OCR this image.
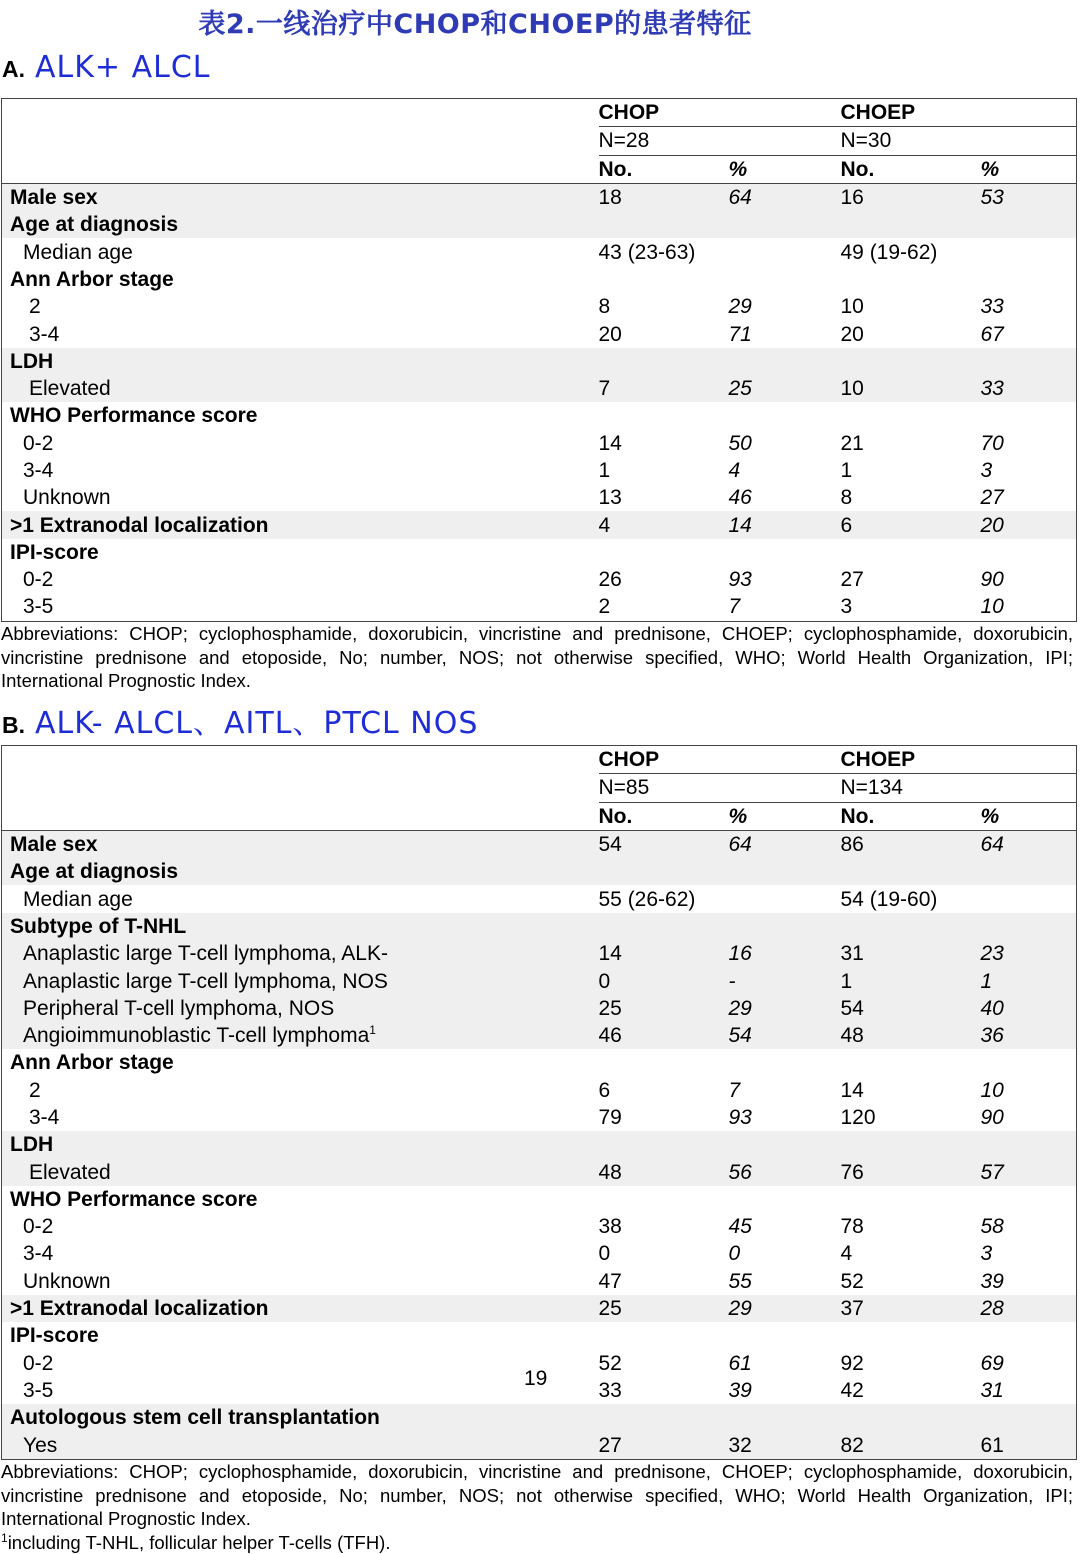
表2.一线治疗中CHOP和CHOEP的患者特征
A. ALK+ ALCL
	CHOP		CHOEP	
	N=28		N=30	
	No.	%	No.	%
Male sex	18	64	16	53
Age at diagnosis				
Median age	43 (23-63)		49 (19-62)	
Ann Arbor stage				
2	8	29	10	33
3-4	20	71	20	67
LDH				
Elevated	7	25	10	33
WHO Performance score				
0-2	14	50	21	70
3-4	1	4	1	3
Unknown	13	46	8	27
>1 Extranodal localization	4	14	6	20
IPI-score				
0-2	26	93	27	90
3-5	2	7	3	10

Abbreviations: CHOP; cyclophosphamide, doxorubicin, vincristine and prednisone, CHOEP; cyclophosphamide, doxorubicin, vincristine prednisone and etoposide, No; number, NOS; not otherwise specified, WHO; World Health Organization, IPI; International Prognostic Index.

B. ALK- ALCL、AITL、PTCL NOS
	CHOP		CHOEP	
	N=85		N=134	
	No.	%	No.	%
Male sex	54	64	86	64
Age at diagnosis				
Median age	55 (26-62)		54 (19-60)	
Subtype of T-NHL				
Anaplastic large T-cell lymphoma, ALK-	14	16	31	23
Anaplastic large T-cell lymphoma, NOS	0	-	1	1
Peripheral T-cell lymphoma, NOS	25	29	54	40
Angioimmunoblastic T-cell lymphoma$^1$	46	54	48	36
Ann Arbor stage				
2	6	7	14	10
3-4	79	93	120	90
LDH				
Elevated	48	56	76	57
WHO Performance score				
0-2	38	45	78	58
3-4	0	0	4	3
Unknown	47	55	52	39
>1 Extranodal localization	25	29	37	28
IPI-score				
0-2	52	61	92	69
3-5	33	39	42	31
Autologous stem cell transplantation				
Yes	27	32	82	61
19

Abbreviations: CHOP; cyclophosphamide, doxorubicin, vincristine and prednisone, CHOEP; cyclophosphamide, doxorubicin, vincristine prednisone and etoposide, No; number, NOS; not otherwise specified, WHO; World Health Organization, IPI; International Prognostic Index.

$^1$including T-NHL, follicular helper T-cells (TFH).
